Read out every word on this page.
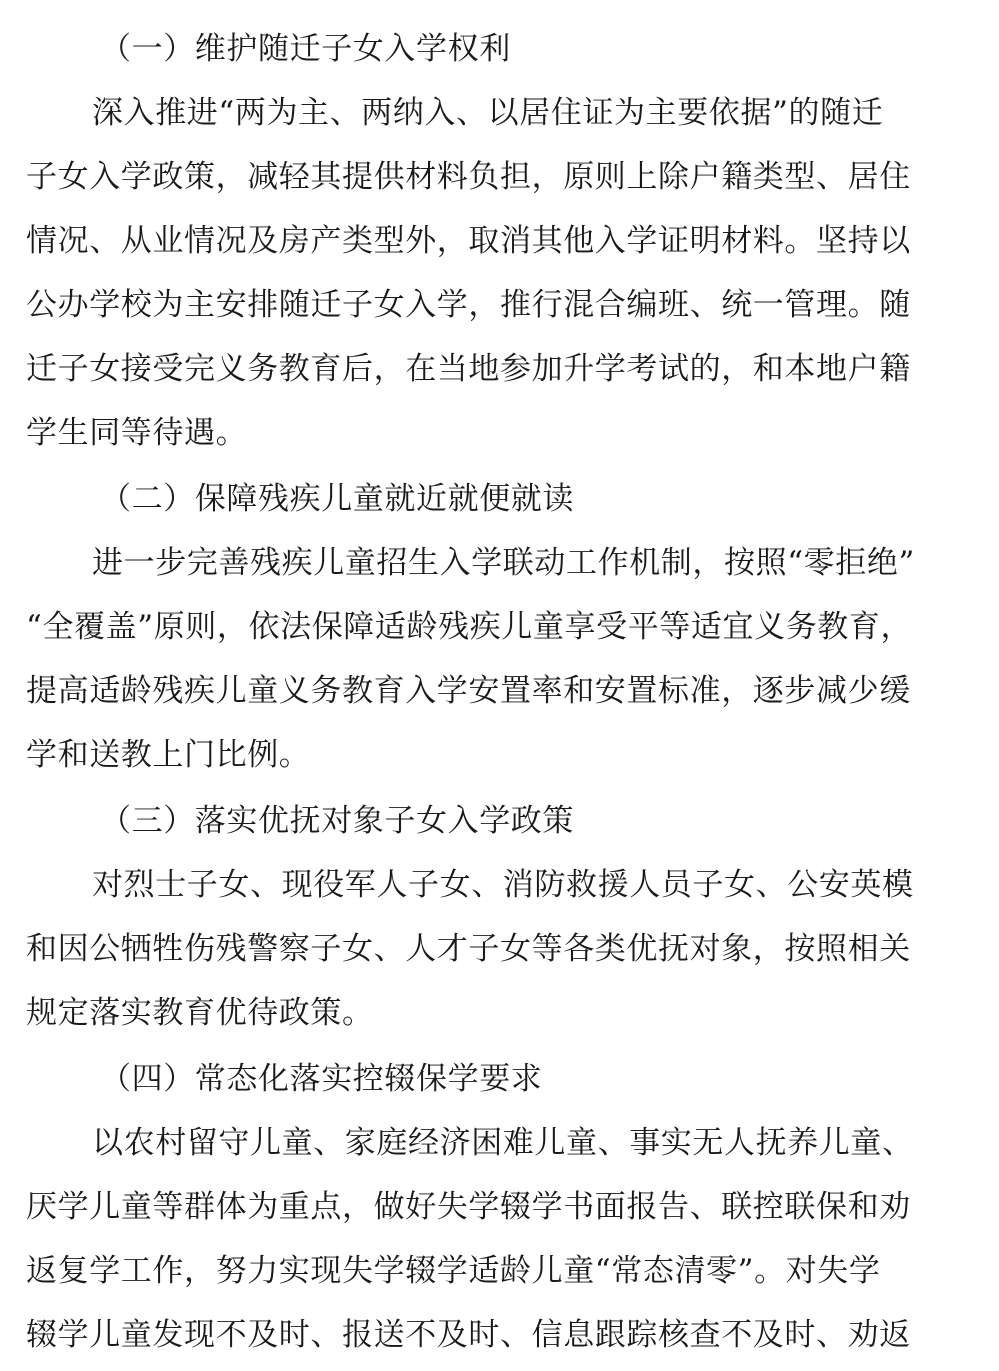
（一）维护随迁子女入学权利
深入推进“两为主、两纳入、以居住证为主要依据”的随迁
子女入学政策，减轻其提供材料负担，原则上除户籍类型、居住
情况、从业情况及房产类型外，取消其他入学证明材料。坚持以
公办学校为主安排随迁子女入学，推行混合编班、统一管理。随
迁子女接受完义务教育后，在当地参加升学考试的，和本地户籍
学生同等待遇。
（二）保障残疾儿童就近就便就读
进一步完善残疾儿童招生入学联动工作机制，按照“零拒绝”
“全覆盖”原则，依法保障适龄残疾儿童享受平等适宜义务教育，
提高适龄残疾儿童义务教育入学安置率和安置标准，逐步减少缓
学和送教上门比例。
（三）落实优抚对象子女入学政策
对烈士子女、现役军人子女、消防救援人员子女、公安英模
和因公牺牲伤残警察子女、人才子女等各类优抚对象，按照相关
规定落实教育优待政策。
（四）常态化落实控辍保学要求
以农村留守儿童、家庭经济困难儿童、事实无人抚养儿童、
厌学儿童等群体为重点，做好失学辍学书面报告、联控联保和劝
返复学工作，努力实现失学辍学适龄儿童“常态清零”。对失学
辍学儿童发现不及时、报送不及时、信息跟踪核查不及时、劝返
